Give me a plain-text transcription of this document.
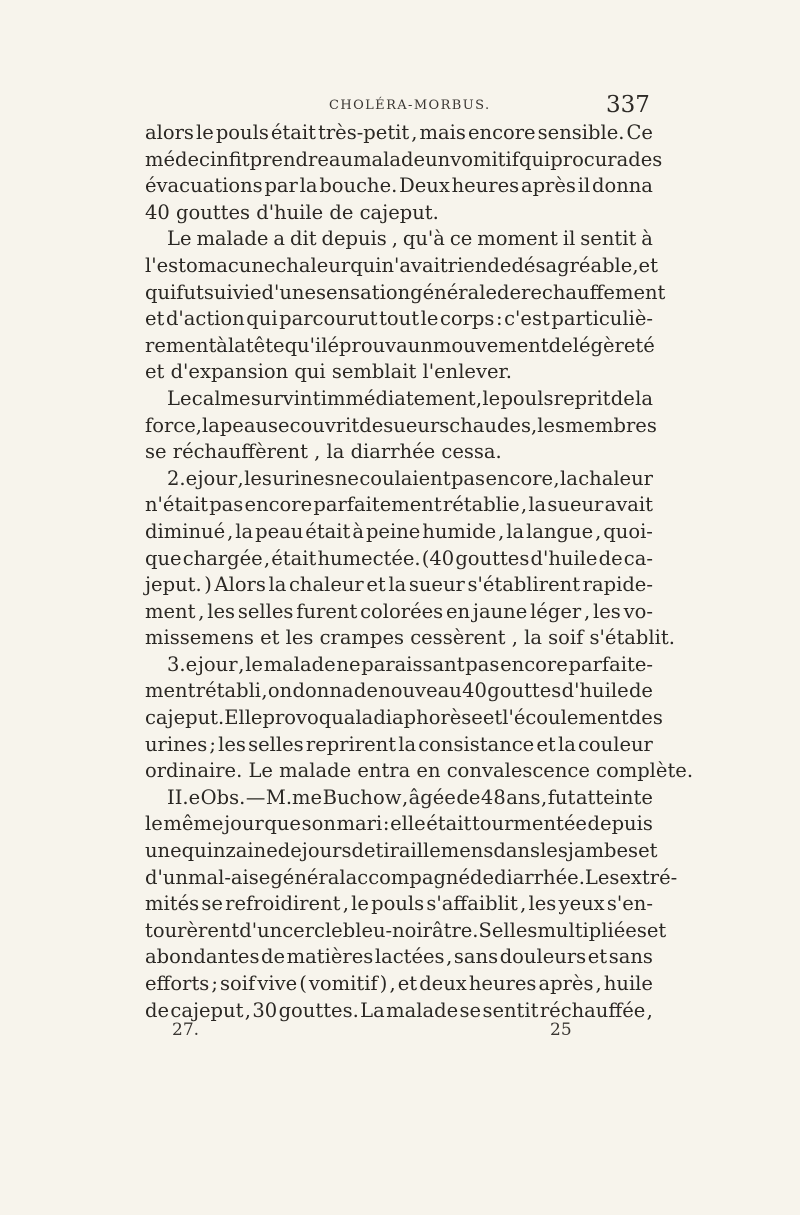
CHOLÉRA-MORBUS.	337
alors le pouls était très-petit , mais encore sensible. Ce
médecin fit prendre au malade un vomitif qui procura des
évacuations par la bouche. Deux heures après il donna
40 gouttes d'huile de cajeput.
Le malade a dit depuis , qu'à ce moment il sentit à
l'estomac une chaleur qui n'avait rien de désagréable , et
qui fut suivie d'une sensation générale de rechauffement
et d'action qui parcourut tout le corps : c'est particuliè-
rement à la tête qu'il éprouva un mouvement de légèreté
et d'expansion qui semblait l'enlever.
Le calme survint immédiatement , le pouls reprit de la
force , la peau se couvrit de sueurs chaudes , les membres
se réchauffèrent , la diarrhée cessa.
2.e jour , les urines ne coulaient pas encore , la chaleur
n'était pas encore parfaitement rétablie , la sueur avait
diminué , la peau était à peine humide , la langue , quoi-
que chargée , était humectée. (40 gouttes d'huile de ca-
jeput. ) Alors la chaleur et la sueur s'établirent rapide-
ment , les selles furent colorées en jaune léger , les vo-
missemens et les crampes cessèrent , la soif s'établit.
3.e jour , le malade ne paraissant pas encore parfaite-
ment rétabli , on donna de nouveau 40 gouttes d'huile de
cajeput. Elle provoqua la diaphorèse et l'écoulement des
urines ; les selles reprirent la consistance et la couleur
ordinaire. Le malade entra en convalescence complète.
II.e Obs. — M.me Buchow , âgée de 48 ans , fut atteinte
le même jour que son mari : elle était tourmentée depuis
une quinzaine de jours de tiraillemens dans les jambes et
d'un mal-aise général accompagné de diarrhée. Les extré-
mités se refroidirent , le pouls s'affaiblit , les yeux s'en-
tourèrent d'un cercle bleu-noirâtre. Selles multipliées et
abondantes de matières lactées , sans douleurs et sans
efforts ; soif vive ( vomitif ) , et deux heures après , huile
de cajeput , 30 gouttes. La malade se sentit réchauffée ,
27.	25
